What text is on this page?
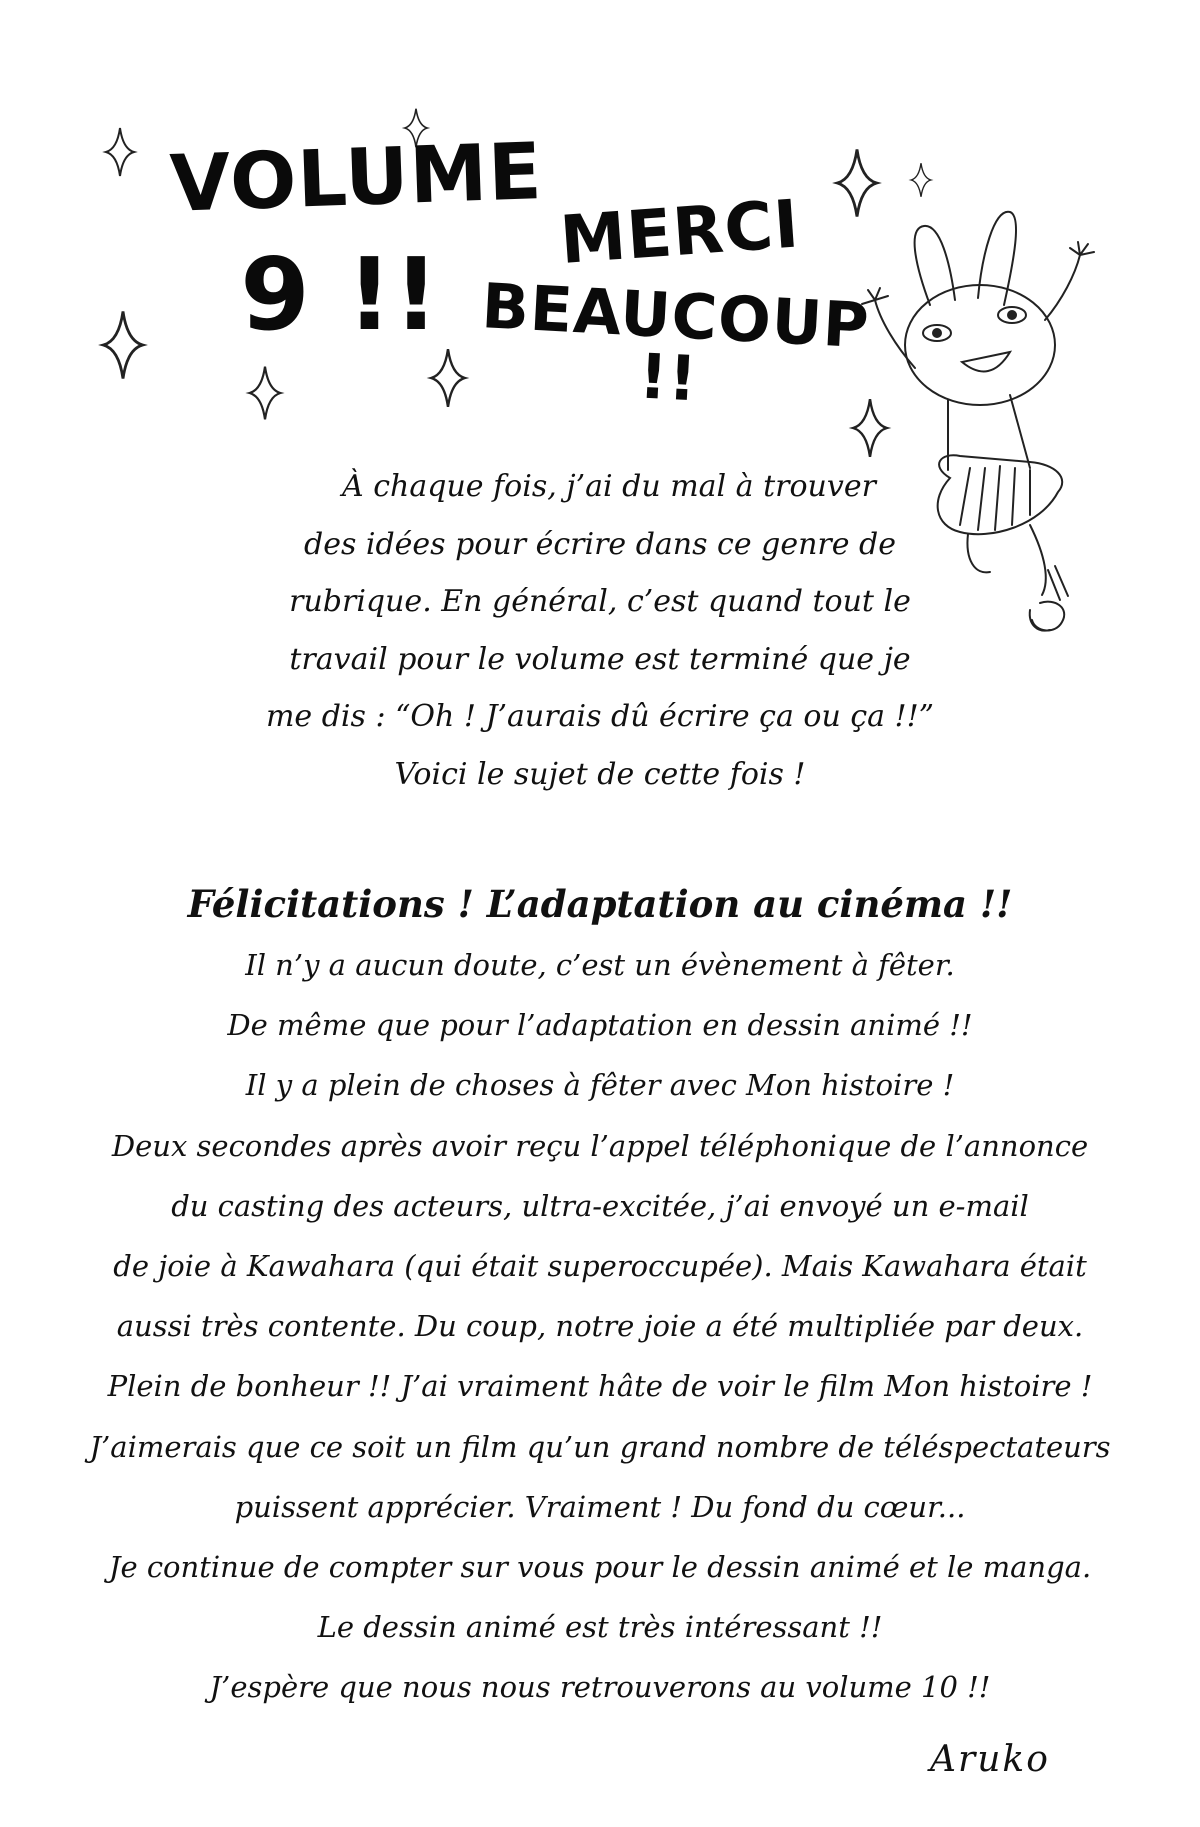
VOLUME
9 !!
MERCI
BEAUCOUP !!

À chaque fois, j’ai du mal à trouver
des idées pour écrire dans ce genre de
rubrique. En général, c’est quand tout le
travail pour le volume est terminé que je
me dis : “Oh ! J’aurais dû écrire ça ou ça !!”
Voici le sujet de cette fois !

Félicitations ! L’adaptation au cinéma !!

Il n’y a aucun doute, c’est un évènement à fêter.
De même que pour l’adaptation en dessin animé !!
Il y a plein de choses à fêter avec Mon histoire !
Deux secondes après avoir reçu l’appel téléphonique de l’annonce
du casting des acteurs, ultra-excitée, j’ai envoyé un e-mail
de joie à Kawahara (qui était superoccupée). Mais Kawahara était
aussi très contente. Du coup, notre joie a été multipliée par deux.
Plein de bonheur !! J’ai vraiment hâte de voir le film Mon histoire !
J’aimerais que ce soit un film qu’un grand nombre de téléspectateurs
puissent apprécier. Vraiment ! Du fond du cœur...
Je continue de compter sur vous pour le dessin animé et le manga.
Le dessin animé est très intéressant !!
J’espère que nous nous retrouverons au volume 10 !!

Aruko
